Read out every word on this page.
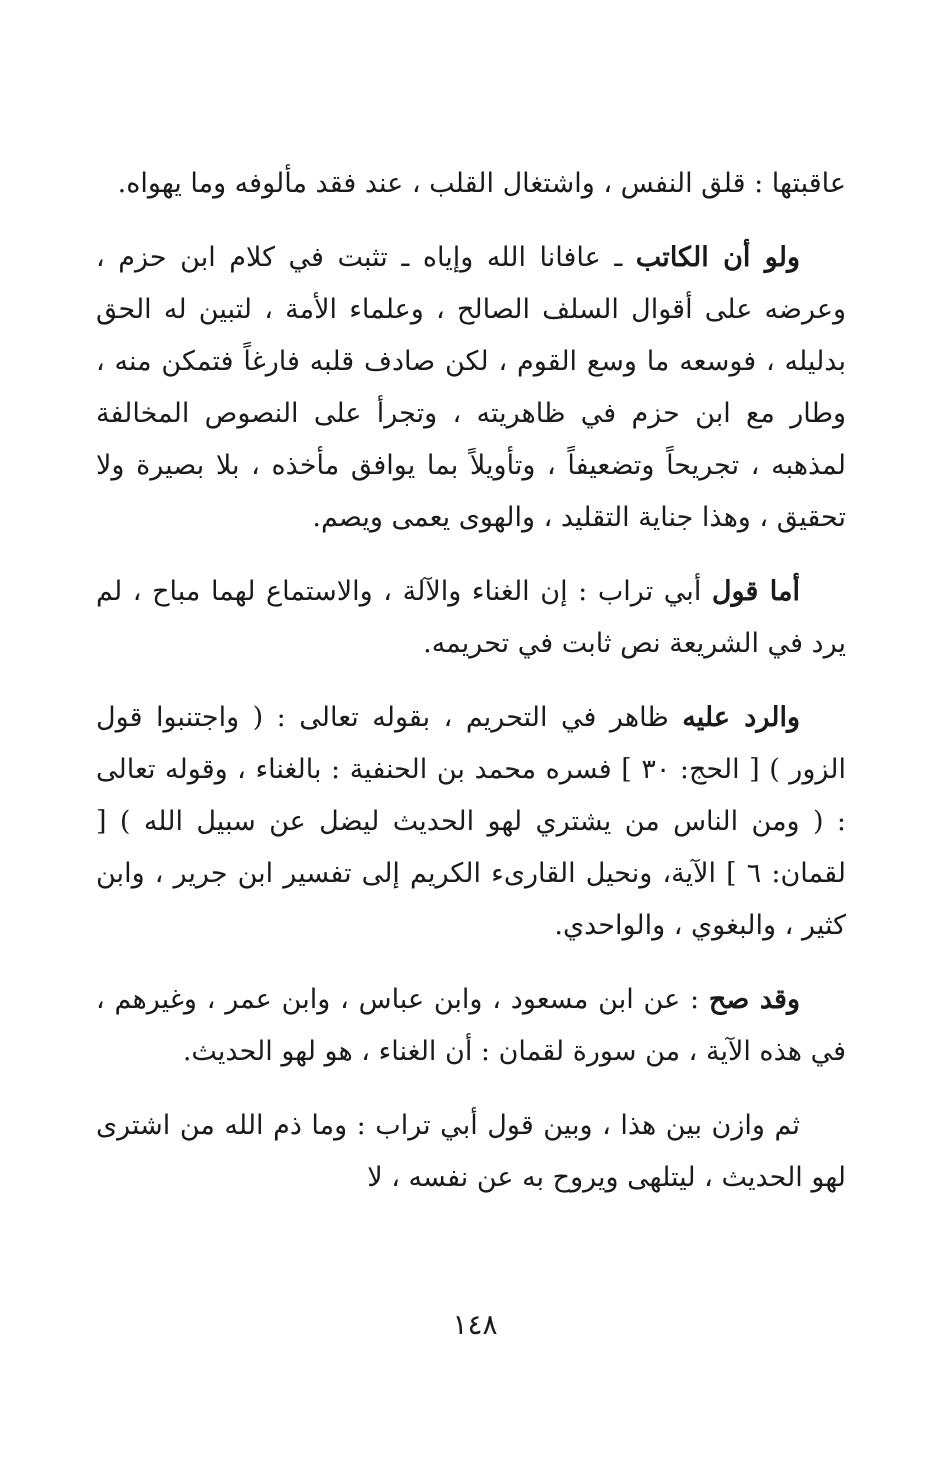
عاقبتها : قلق النفس ، واشتغال القلب ، عند فقد مألوفه وما يهواه.

ولو أن الكاتب ـ عافانا الله وإياه ـ تثبت في كلام ابن حزم ، وعرضه على أقوال السلف الصالح ، وعلماء الأمة ، لتبين له الحق بدليله ، فوسعه ما وسع القوم ، لكن صادف قلبه فارغاً فتمكن منه ، وطار مع ابن حزم في ظاهريته ، وتجرأ على النصوص المخالفة لمذهبه ، تجريحاً وتضعيفاً ، وتأويلاً بما يوافق مأخذه ، بلا بصيرة ولا تحقيق ، وهذا جناية التقليد ، والهوى يعمى ويصم.

أما قول أبي تراب : إن الغناء والآلة ، والاستماع لهما مباح ، لم يرد في الشريعة نص ثابت في تحريمه.

والرد عليه ظاهر في التحريم ، بقوله تعالى : ( واجتنبوا قول الزور ) [ الحج: ٣٠ ] فسره محمد بن الحنفية : بالغناء ، وقوله تعالى : ( ومن الناس من يشتري لهو الحديث ليضل عن سبيل الله ) [ لقمان: ٦ ] الآية، ونحيل القارىء الكريم إلى تفسير ابن جرير ، وابن كثير ، والبغوي ، والواحدي.

وقد صح : عن ابن مسعود ، وابن عباس ، وابن عمر ، وغيرهم ، في هذه الآية ، من سورة لقمان : أن الغناء ، هو لهو الحديث.

ثم وازن بين هذا ، وبين قول أبي تراب : وما ذم الله من اشترى لهو الحديث ، ليتلهى ويروح به عن نفسه ، لا

١٤٨
